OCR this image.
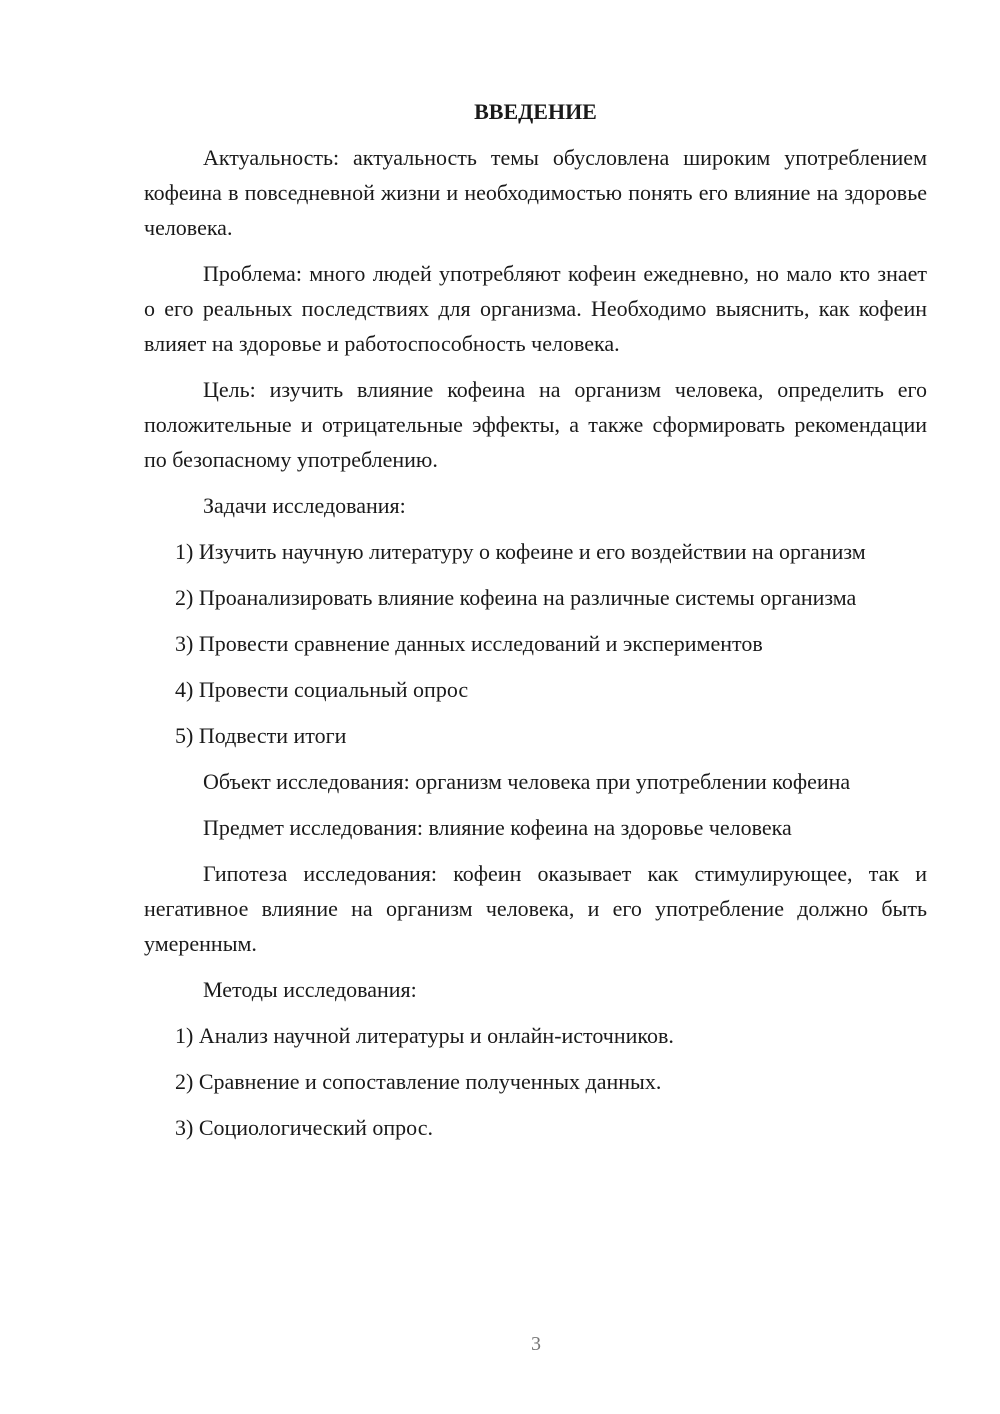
ВВЕДЕНИЕ

Актуальность: актуальность темы обусловлена широким употреблением кофеина в повседневной жизни и необходимостью понять его влияние на здоровье человека.

Проблема: много людей употребляют кофеин ежедневно, но мало кто знает о его реальных последствиях для организма. Необходимо выяснить, как кофеин влияет на здоровье и работоспособность человека.

Цель: изучить влияние кофеина на организм человека, определить его положительные и отрицательные эффекты, а также сформировать рекомендации по безопасному употреблению.

Задачи исследования:

1) Изучить научную литературу о кофеине и его воздействии на организм

2) Проанализировать влияние кофеина на различные системы организма

3) Провести сравнение данных исследований и экспериментов

4) Провести социальный опрос

5) Подвести итоги

Объект исследования: организм человека при употреблении кофеина

Предмет исследования: влияние кофеина на здоровье человека

Гипотеза исследования: кофеин оказывает как стимулирующее, так и негативное влияние на организм человека, и его употребление должно быть умеренным.

Методы исследования:

1) Анализ научной литературы и онлайн-источников.

2) Сравнение и сопоставление полученных данных.

3) Социологический опрос.

3
